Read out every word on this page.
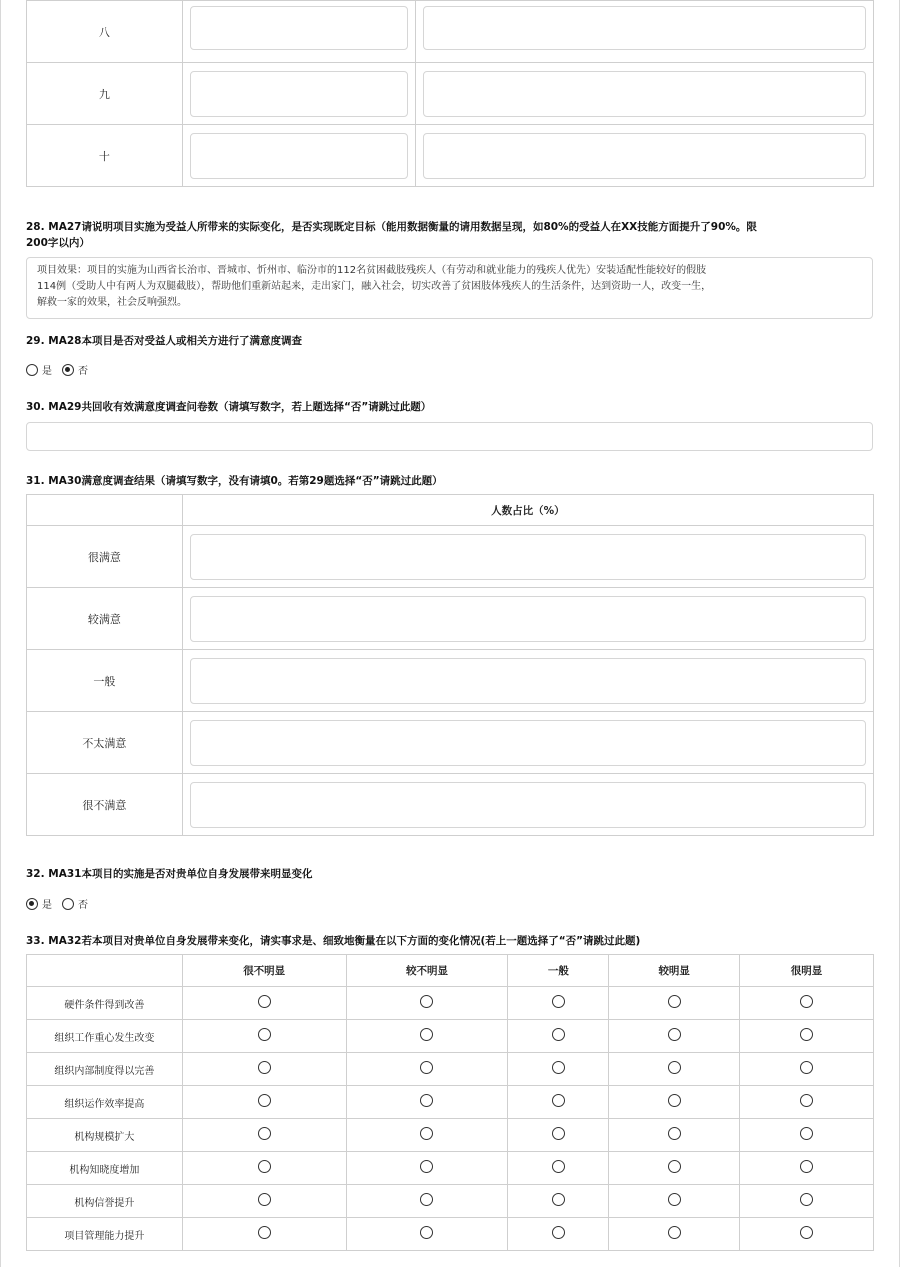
八	

九	

十	

28. MA27请说明项目实施为受益人所带来的实际变化，是否实现既定目标（能用数据衡量的请用数据呈现，如80%的受益人在XX技能方面提升了90%。限
200字以内）
项目效果：项目的实施为山西省长治市、晋城市、忻州市、临汾市的112名贫困截肢残疾人（有劳动和就业能力的残疾人优先）安装适配性能较好的假肢
114例（受助人中有两人为双腿截肢），帮助他们重新站起来，走出家门，融入社会，切实改善了贫困肢体残疾人的生活条件，达到资助一人，改变一生，
解救一家的效果，社会反响强烈。
29. MA28本项目是否对受益人或相关方进行了满意度调查
是	否
30. MA29共回收有效满意度调查问卷数（请填写数字，若上题选择“否”请跳过此题）
31. MA30满意度调查结果（请填写数字，没有请填0。若第29题选择“否”请跳过此题）
	人数占比（%）
很满意	

较满意	

一般	

不太满意	

很不满意	
32. MA31本项目的实施是否对贵单位自身发展带来明显变化
是	否
33. MA32若本项目对贵单位自身发展带来变化，请实事求是、细致地衡量在以下方面的变化情况(若上一题选择了“否”请跳过此题)
	很不明显	较不明显	一般	较明显	很明显
硬件条件得到改善					
组织工作重心发生改变					
组织内部制度得以完善					
组织运作效率提高					
机构规模扩大					
机构知晓度增加					
机构信誉提升					
项目管理能力提升					
